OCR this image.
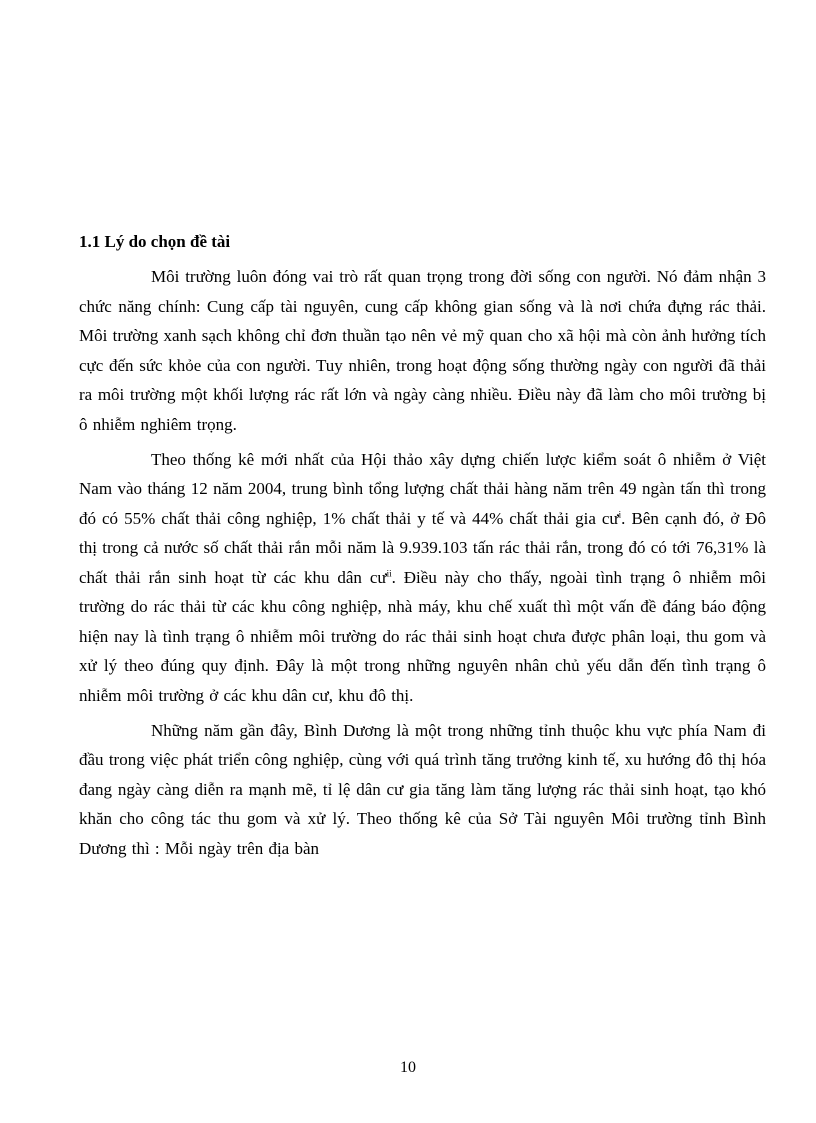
1.1 Lý do chọn đề tài

Môi trường luôn đóng vai trò rất quan trọng trong đời sống con người. Nó đảm nhận 3 chức năng chính: Cung cấp tài nguyên, cung cấp không gian sống và là nơi chứa đựng rác thải. Môi trường xanh sạch không chỉ đơn thuần tạo nên vẻ mỹ quan cho xã hội mà còn ảnh hưởng tích cực đến sức khỏe của con người. Tuy nhiên, trong hoạt động sống thường ngày con người đã thải ra môi trường một khối lượng rác rất lớn và ngày càng nhiều. Điều này đã làm cho môi trường bị ô nhiễm nghiêm trọng.

Theo thống kê mới nhất của Hội thảo xây dựng chiến lược kiểm soát ô nhiễm ở Việt Nam vào tháng 12 năm 2004, trung bình tổng lượng chất thải hàng năm trên 49 ngàn tấn thì trong đó có 55% chất thải công nghiệp, 1% chất thải y tế và 44% chất thải gia $cư^i$. Bên cạnh đó, ở Đô thị trong cả nước số chất thải rắn mỗi năm là 9.939.103 tấn rác thải rắn, trong đó có tới 76,31% là chất thải rắn sinh hoạt từ các khu dân $cư^{ii}$. Điều này cho thấy, ngoài tình trạng ô nhiễm môi trường do rác thải từ các khu công nghiệp, nhà máy, khu chế xuất thì một vấn đề đáng báo động hiện nay là tình trạng ô nhiễm môi trường do rác thải sinh hoạt chưa được phân loại, thu gom và xử lý theo đúng quy định. Đây là một trong những nguyên nhân chủ yếu dẫn đến tình trạng ô nhiễm môi trường ở các khu dân cư, khu đô thị.

Những năm gần đây, Bình Dương là một trong những tỉnh thuộc khu vực phía Nam đi đầu trong việc phát triển công nghiệp, cùng với quá trình tăng trưởng kinh tế, xu hướng đô thị hóa đang ngày càng diễn ra mạnh mẽ, tỉ lệ dân cư gia tăng làm tăng lượng rác thải sinh hoạt, tạo khó khăn cho công tác thu gom và xử lý. Theo thống kê của Sở Tài nguyên Môi trường tỉnh Bình Dương thì : Mỗi ngày trên địa bàn

10
